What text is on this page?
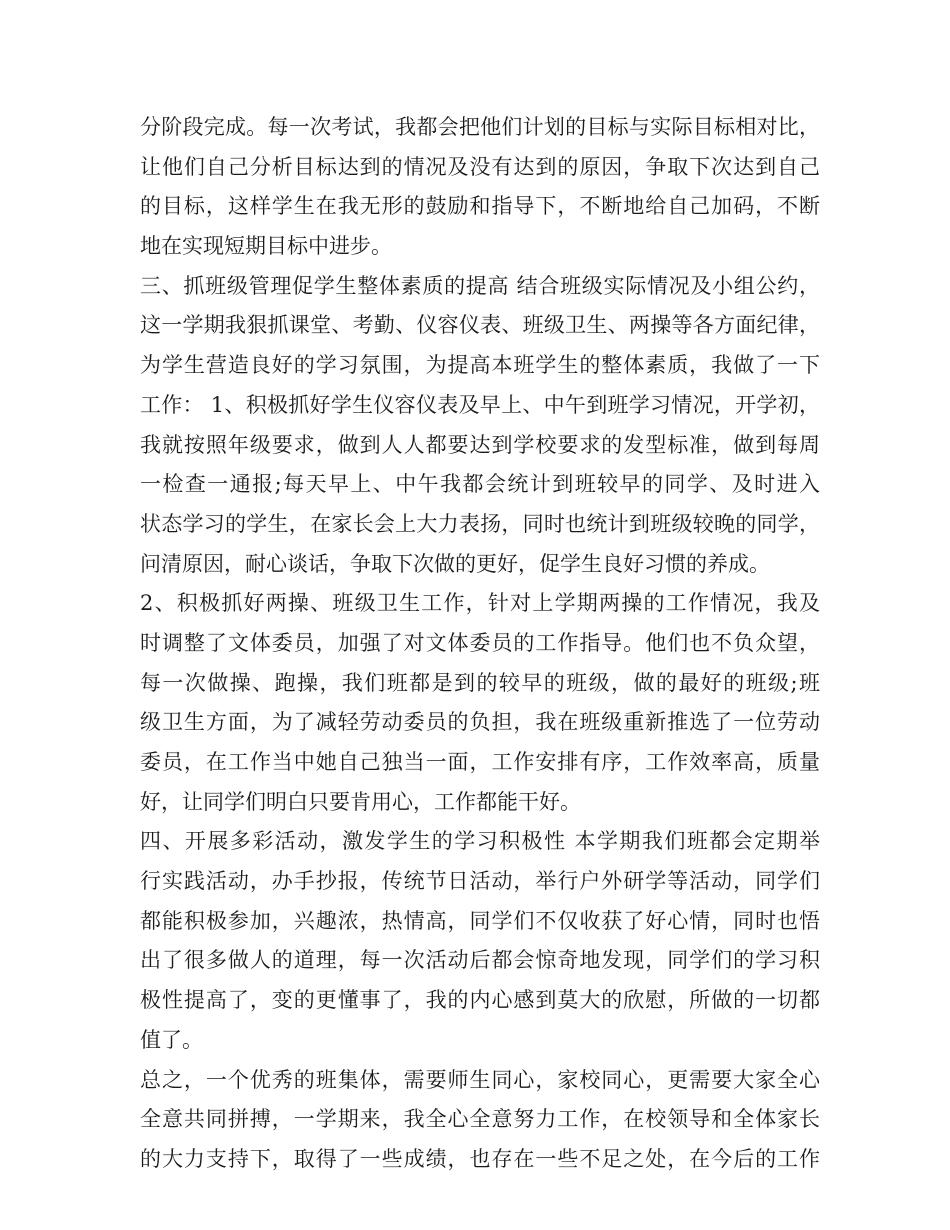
分阶段完成。每一次考试，我都会把他们计划的目标与实际目标相对比，
让他们自己分析目标达到的情况及没有达到的原因，争取下次达到自己
的目标，这样学生在我无形的鼓励和指导下，不断地给自己加码，不断
地在实现短期目标中进步。
三、抓班级管理促学生整体素质的提高 结合班级实际情况及小组公约，
这一学期我狠抓课堂、考勤、仪容仪表、班级卫生、两操等各方面纪律，
为学生营造良好的学习氛围，为提高本班学生的整体素质，我做了一下
工作： 1、积极抓好学生仪容仪表及早上、中午到班学习情况，开学初，
我就按照年级要求，做到人人都要达到学校要求的发型标准，做到每周
一检查一通报;每天早上、中午我都会统计到班较早的同学、及时进入
状态学习的学生，在家长会上大力表扬，同时也统计到班级较晚的同学，
问清原因，耐心谈话，争取下次做的更好，促学生良好习惯的养成。
2、积极抓好两操、班级卫生工作，针对上学期两操的工作情况，我及
时调整了文体委员，加强了对文体委员的工作指导。他们也不负众望，
每一次做操、跑操，我们班都是到的较早的班级，做的最好的班级;班
级卫生方面，为了减轻劳动委员的负担，我在班级重新推选了一位劳动
委员，在工作当中她自己独当一面，工作安排有序，工作效率高，质量
好，让同学们明白只要肯用心，工作都能干好。
四、开展多彩活动，激发学生的学习积极性 本学期我们班都会定期举
行实践活动，办手抄报，传统节日活动，举行户外研学等活动，同学们
都能积极参加，兴趣浓，热情高，同学们不仅收获了好心情，同时也悟
出了很多做人的道理，每一次活动后都会惊奇地发现，同学们的学习积
极性提高了，变的更懂事了，我的内心感到莫大的欣慰，所做的一切都
值了。
总之，一个优秀的班集体，需要师生同心，家校同心，更需要大家全心
全意共同拼搏，一学期来，我全心全意努力工作，在校领导和全体家长
的大力支持下，取得了一些成绩，也存在一些不足之处，在今后的工作
